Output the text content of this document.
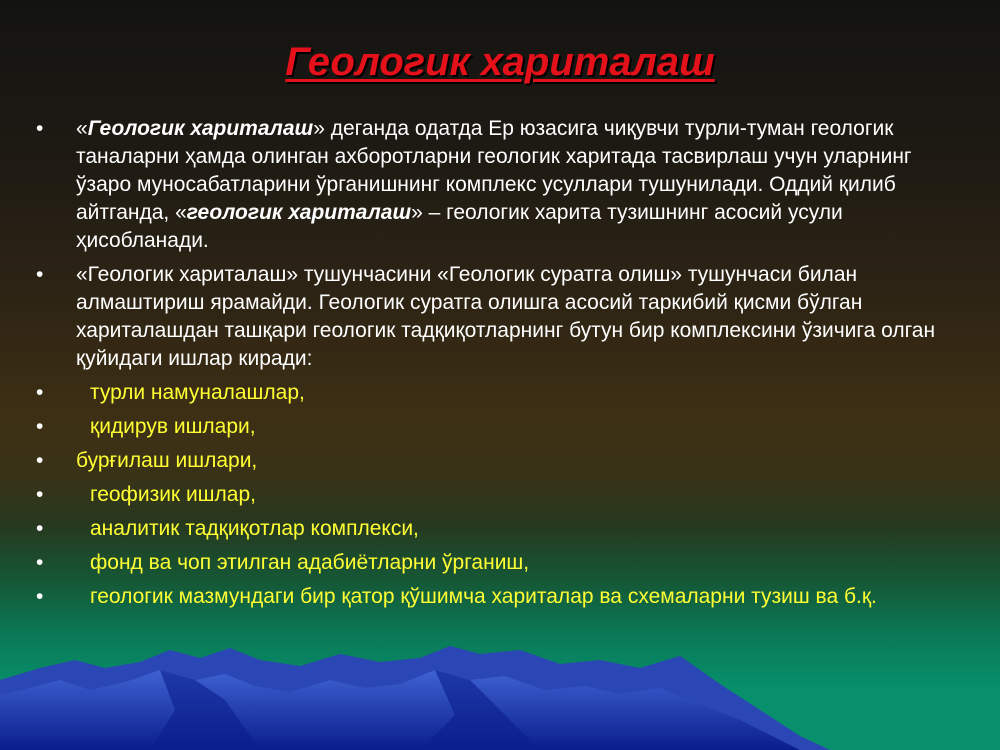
Геологик хариталаш
• «Геологик хариталаш» деганда одатда Ер юзасига чиқувчи турли-туман геологик таналарни ҳамда олинган ахборотларни геологик харитада тасвирлаш учун уларнинг ўзаро муносабатларини ўрганишнинг комплекс усуллари тушунилади. Оддий қилиб айтганда, «геологик хариталаш» – геологик харита тузишнинг асосий усули ҳисобланади.
• «Геологик хариталаш» тушунчасини «Геологик суратга олиш» тушунчаси билан алмаштириш ярамайди. Геологик суратга олишга асосий таркибий қисми бўлган хариталашдан ташқари геологик тадқиқотларнинг бутун бир комплексини ўзичига олган қуйидаги ишлар киради:
•	турли намуналашлар,
•	қидирув ишлари,
• бурғилаш ишлари,
•	геофизик ишлар,
•	аналитик тадқиқотлар комплекси,
•	фонд ва чоп этилган адабиётларни ўрганиш,
•	геологик мазмундаги бир қатор қўшимча хариталар ва схемаларни тузиш ва б.қ.
